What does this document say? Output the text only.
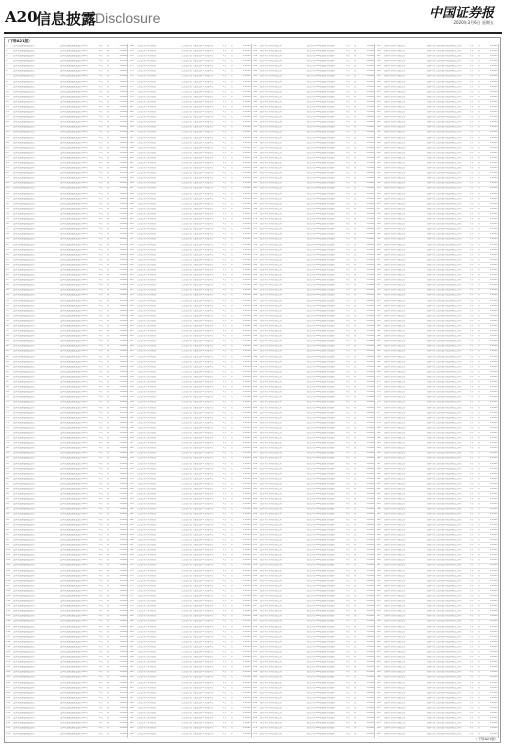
A20
信息披露
Disclosure	中国证券报
2020年3月6日 星期五
（下转A21版）
1	富国天惠精选成长混合	富国天惠精选成长混合(LOF)	A类	份	1.0000
2	富国天惠精选成长混合	富国天惠精选成长混合(LOF)	A类	份	1.0000
3	富国天惠精选成长混合	富国天惠精选成长混合(LOF)	A类	份	1.0000
4	富国天惠精选成长混合	富国天惠精选成长混合(LOF)	A类	份	1.0000
5	富国天惠精选成长混合	富国天惠精选成长混合(LOF)	A类	份	1.0000
6	富国天惠精选成长混合	富国天惠精选成长混合(LOF)	A类	份	1.0000
7	富国天惠精选成长混合	富国天惠精选成长混合(LOF)	A类	份	1.0000
8	富国天惠精选成长混合	富国天惠精选成长混合(LOF)	A类	份	1.0000
9	富国天惠精选成长混合	富国天惠精选成长混合(LOF)	A类	份	1.0000
10	富国天惠精选成长混合	富国天惠精选成长混合(LOF)	A类	份	1.0000
11	富国天惠精选成长混合	富国天惠精选成长混合(LOF)	A类	份	1.0000
12	富国天惠精选成长混合	富国天惠精选成长混合(LOF)	A类	份	1.0000
13	富国天惠精选成长混合	富国天惠精选成长混合(LOF)	A类	份	1.0000
14	富国天惠精选成长混合	富国天惠精选成长混合(LOF)	A类	份	1.0000
15	富国天惠精选成长混合	富国天惠精选成长混合(LOF)	A类	份	1.0000
16	富国天惠精选成长混合	富国天惠精选成长混合(LOF)	A类	份	1.0000
17	富国天惠精选成长混合	富国天惠精选成长混合(LOF)	A类	份	1.0000
18	富国天惠精选成长混合	富国天惠精选成长混合(LOF)	A类	份	1.0000
19	富国天惠精选成长混合	富国天惠精选成长混合(LOF)	A类	份	1.0000
20	富国天惠精选成长混合	富国天惠精选成长混合(LOF)	A类	份	1.0000
21	富国天惠精选成长混合	富国天惠精选成长混合(LOF)	A类	份	1.0000
22	富国天惠精选成长混合	富国天惠精选成长混合(LOF)	A类	份	1.0000
23	富国天惠精选成长混合	富国天惠精选成长混合(LOF)	A类	份	1.0000
24	富国天惠精选成长混合	富国天惠精选成长混合(LOF)	A类	份	1.0000
25	富国天惠精选成长混合	富国天惠精选成长混合(LOF)	A类	份	1.0000
26	富国天惠精选成长混合	富国天惠精选成长混合(LOF)	A类	份	1.0000
27	富国天惠精选成长混合	富国天惠精选成长混合(LOF)	A类	份	1.0000
28	富国天惠精选成长混合	富国天惠精选成长混合(LOF)	A类	份	1.0000
29	富国天惠精选成长混合	富国天惠精选成长混合(LOF)	A类	份	1.0000
30	富国天惠精选成长混合	富国天惠精选成长混合(LOF)	A类	份	1.0000
31	富国天惠精选成长混合	富国天惠精选成长混合(LOF)	A类	份	1.0000
32	富国天惠精选成长混合	富国天惠精选成长混合(LOF)	A类	份	1.0000
33	富国天惠精选成长混合	富国天惠精选成长混合(LOF)	A类	份	1.0000
34	富国天惠精选成长混合	富国天惠精选成长混合(LOF)	A类	份	1.0000
35	富国天惠精选成长混合	富国天惠精选成长混合(LOF)	A类	份	1.0000
36	富国天惠精选成长混合	富国天惠精选成长混合(LOF)	A类	份	1.0000
37	富国天惠精选成长混合	富国天惠精选成长混合(LOF)	A类	份	1.0000
38	富国天惠精选成长混合	富国天惠精选成长混合(LOF)	A类	份	1.0000
39	富国天惠精选成长混合	富国天惠精选成长混合(LOF)	A类	份	1.0000
40	富国天惠精选成长混合	富国天惠精选成长混合(LOF)	A类	份	1.0000
41	富国天惠精选成长混合	富国天惠精选成长混合(LOF)	A类	份	1.0000
42	富国天惠精选成长混合	富国天惠精选成长混合(LOF)	A类	份	1.0000
43	富国天惠精选成长混合	富国天惠精选成长混合(LOF)	A类	份	1.0000
44	富国天惠精选成长混合	富国天惠精选成长混合(LOF)	A类	份	1.0000
45	富国天惠精选成长混合	富国天惠精选成长混合(LOF)	A类	份	1.0000
46	富国天惠精选成长混合	富国天惠精选成长混合(LOF)	A类	份	1.0000
47	富国天惠精选成长混合	富国天惠精选成长混合(LOF)	A类	份	1.0000
48	富国天惠精选成长混合	富国天惠精选成长混合(LOF)	A类	份	1.0000
49	富国天惠精选成长混合	富国天惠精选成长混合(LOF)	A类	份	1.0000
50	富国天惠精选成长混合	富国天惠精选成长混合(LOF)	A类	份	1.0000
51	富国天惠精选成长混合	富国天惠精选成长混合(LOF)	A类	份	1.0000
52	富国天惠精选成长混合	富国天惠精选成长混合(LOF)	A类	份	1.0000
53	富国天惠精选成长混合	富国天惠精选成长混合(LOF)	A类	份	1.0000
54	富国天惠精选成长混合	富国天惠精选成长混合(LOF)	A类	份	1.0000
55	富国天惠精选成长混合	富国天惠精选成长混合(LOF)	A类	份	1.0000
56	富国天惠精选成长混合	富国天惠精选成长混合(LOF)	A类	份	1.0000
57	富国天惠精选成长混合	富国天惠精选成长混合(LOF)	A类	份	1.0000
58	富国天惠精选成长混合	富国天惠精选成长混合(LOF)	A类	份	1.0000
59	富国天惠精选成长混合	富国天惠精选成长混合(LOF)	A类	份	1.0000
60	富国天惠精选成长混合	富国天惠精选成长混合(LOF)	A类	份	1.0000
61	富国天惠精选成长混合	富国天惠精选成长混合(LOF)	A类	份	1.0000
62	富国天惠精选成长混合	富国天惠精选成长混合(LOF)	A类	份	1.0000
63	富国天惠精选成长混合	富国天惠精选成长混合(LOF)	A类	份	1.0000
64	富国天惠精选成长混合	富国天惠精选成长混合(LOF)	A类	份	1.0000
65	富国天惠精选成长混合	富国天惠精选成长混合(LOF)	A类	份	1.0000
66	富国天惠精选成长混合	富国天惠精选成长混合(LOF)	A类	份	1.0000
67	富国天惠精选成长混合	富国天惠精选成长混合(LOF)	A类	份	1.0000
68	富国天惠精选成长混合	富国天惠精选成长混合(LOF)	A类	份	1.0000
69	富国天惠精选成长混合	富国天惠精选成长混合(LOF)	A类	份	1.0000
70	富国天惠精选成长混合	富国天惠精选成长混合(LOF)	A类	份	1.0000
71	富国天惠精选成长混合	富国天惠精选成长混合(LOF)	A类	份	1.0000
72	富国天惠精选成长混合	富国天惠精选成长混合(LOF)	A类	份	1.0000
73	富国天惠精选成长混合	富国天惠精选成长混合(LOF)	A类	份	1.0000
74	富国天惠精选成长混合	富国天惠精选成长混合(LOF)	A类	份	1.0000
75	富国天惠精选成长混合	富国天惠精选成长混合(LOF)	A类	份	1.0000
76	富国天惠精选成长混合	富国天惠精选成长混合(LOF)	A类	份	1.0000
77	富国天惠精选成长混合	富国天惠精选成长混合(LOF)	A类	份	1.0000
78	富国天惠精选成长混合	富国天惠精选成长混合(LOF)	A类	份	1.0000
79	富国天惠精选成长混合	富国天惠精选成长混合(LOF)	A类	份	1.0000
80	富国天惠精选成长混合	富国天惠精选成长混合(LOF)	A类	份	1.0000
81	富国天惠精选成长混合	富国天惠精选成长混合(LOF)	A类	份	1.0000
82	富国天惠精选成长混合	富国天惠精选成长混合(LOF)	A类	份	1.0000
83	富国天惠精选成长混合	富国天惠精选成长混合(LOF)	A类	份	1.0000
84	富国天惠精选成长混合	富国天惠精选成长混合(LOF)	A类	份	1.0000
85	富国天惠精选成长混合	富国天惠精选成长混合(LOF)	A类	份	1.0000
86	富国天惠精选成长混合	富国天惠精选成长混合(LOF)	A类	份	1.0000
87	富国天惠精选成长混合	富国天惠精选成长混合(LOF)	A类	份	1.0000
88	富国天惠精选成长混合	富国天惠精选成长混合(LOF)	A类	份	1.0000
89	富国天惠精选成长混合	富国天惠精选成长混合(LOF)	A类	份	1.0000
90	富国天惠精选成长混合	富国天惠精选成长混合(LOF)	A类	份	1.0000
91	富国天惠精选成长混合	富国天惠精选成长混合(LOF)	A类	份	1.0000
92	富国天惠精选成长混合	富国天惠精选成长混合(LOF)	A类	份	1.0000
93	富国天惠精选成长混合	富国天惠精选成长混合(LOF)	A类	份	1.0000
94	富国天惠精选成长混合	富国天惠精选成长混合(LOF)	A类	份	1.0000
95	富国天惠精选成长混合	富国天惠精选成长混合(LOF)	A类	份	1.0000
96	富国天惠精选成长混合	富国天惠精选成长混合(LOF)	A类	份	1.0000
97	富国天惠精选成长混合	富国天惠精选成长混合(LOF)	A类	份	1.0000
98	富国天惠精选成长混合	富国天惠精选成长混合(LOF)	A类	份	1.0000
99	富国天惠精选成长混合	富国天惠精选成长混合(LOF)	A类	份	1.0000
100	富国天惠精选成长混合	富国天惠精选成长混合(LOF)	A类	份	1.0000
101	富国天惠精选成长混合	富国天惠精选成长混合(LOF)	A类	份	1.0000
102	富国天惠精选成长混合	富国天惠精选成长混合(LOF)	A类	份	1.0000
103	富国天惠精选成长混合	富国天惠精选成长混合(LOF)	A类	份	1.0000
104	富国天惠精选成长混合	富国天惠精选成长混合(LOF)	A类	份	1.0000
105	富国天惠精选成长混合	富国天惠精选成长混合(LOF)	A类	份	1.0000
106	富国天惠精选成长混合	富国天惠精选成长混合(LOF)	A类	份	1.0000
107	富国天惠精选成长混合	富国天惠精选成长混合(LOF)	A类	份	1.0000
108	富国天惠精选成长混合	富国天惠精选成长混合(LOF)	A类	份	1.0000
109	富国天惠精选成长混合	富国天惠精选成长混合(LOF)	A类	份	1.0000
110	富国天惠精选成长混合	富国天惠精选成长混合(LOF)	A类	份	1.0000
111	富国天惠精选成长混合	富国天惠精选成长混合(LOF)	A类	份	1.0000
112	富国天惠精选成长混合	富国天惠精选成长混合(LOF)	A类	份	1.0000
113	富国天惠精选成长混合	富国天惠精选成长混合(LOF)	A类	份	1.0000
114	富国天惠精选成长混合	富国天惠精选成长混合(LOF)	A类	份	1.0000
115	富国天惠精选成长混合	富国天惠精选成长混合(LOF)	A类	份	1.0000
116	富国天惠精选成长混合	富国天惠精选成长混合(LOF)	A类	份	1.0000
117	富国天惠精选成长混合	富国天惠精选成长混合(LOF)	A类	份	1.0000
118	富国天惠精选成长混合	富国天惠精选成长混合(LOF)	A类	份	1.0000
119	富国天惠精选成长混合	富国天惠精选成长混合(LOF)	A类	份	1.0000
120	富国天惠精选成长混合	富国天惠精选成长混合(LOF)	A类	份	1.0000
121	富国天惠精选成长混合	富国天惠精选成长混合(LOF)	A类	份	1.0000
122	富国天惠精选成长混合	富国天惠精选成长混合(LOF)	A类	份	1.0000
123	富国天惠精选成长混合	富国天惠精选成长混合(LOF)	A类	份	1.0000
124	富国天惠精选成长混合	富国天惠精选成长混合(LOF)	A类	份	1.0000
125	富国天惠精选成长混合	富国天惠精选成长混合(LOF)	A类	份	1.0000
126	富国天惠精选成长混合	富国天惠精选成长混合(LOF)	A类	份	1.0000
127	富国天惠精选成长混合	富国天惠精选成长混合(LOF)	A类	份	1.0000
128	富国天惠精选成长混合	富国天惠精选成长混合(LOF)	A类	份	1.0000
129	富国天惠精选成长混合	富国天惠精选成长混合(LOF)	A类	份	1.0000
130	富国天惠精选成长混合	富国天惠精选成长混合(LOF)	A类	份	1.0000
131	富国天惠精选成长混合	富国天惠精选成长混合(LOF)	A类	份	1.0000
132	富国天惠精选成长混合	富国天惠精选成长混合(LOF)	A类	份	1.0000
133	富国天惠精选成长混合	富国天惠精选成长混合(LOF)	A类	份	1.0000
134	富国天惠精选成长混合	富国天惠精选成长混合(LOF)	A类	份	1.0000
135	富国天惠精选成长混合	富国天惠精选成长混合(LOF)	A类	份	1.0000
136	富国天惠精选成长混合	富国天惠精选成长混合(LOF)	A类	份	1.0000
169	汇添富基金管理股份	汇添富中证主要消费ETF联接基金	A类	份	1.0000
170	汇添富基金管理股份	汇添富中证主要消费ETF联接基金	A类	份	1.0000
171	汇添富基金管理股份	汇添富中证主要消费ETF联接基金	A类	份	1.0000
172	汇添富基金管理股份	汇添富中证主要消费ETF联接基金	A类	份	1.0000
173	汇添富基金管理股份	汇添富中证主要消费ETF联接基金	A类	份	1.0000
174	汇添富基金管理股份	汇添富中证主要消费ETF联接基金	A类	份	1.0000
175	汇添富基金管理股份	汇添富中证主要消费ETF联接基金	A类	份	1.0000
176	汇添富基金管理股份	汇添富中证主要消费ETF联接基金	A类	份	1.0000
177	汇添富基金管理股份	汇添富中证主要消费ETF联接基金	A类	份	1.0000
178	汇添富基金管理股份	汇添富中证主要消费ETF联接基金	A类	份	1.0000
179	汇添富基金管理股份	汇添富中证主要消费ETF联接基金	A类	份	1.0000
180	汇添富基金管理股份	汇添富中证主要消费ETF联接基金	A类	份	1.0000
181	汇添富基金管理股份	汇添富中证主要消费ETF联接基金	A类	份	1.0000
182	汇添富基金管理股份	汇添富中证主要消费ETF联接基金	A类	份	1.0000
183	汇添富基金管理股份	汇添富中证主要消费ETF联接基金	A类	份	1.0000
184	汇添富基金管理股份	汇添富中证主要消费ETF联接基金	A类	份	1.0000
185	汇添富基金管理股份	汇添富中证主要消费ETF联接基金	A类	份	1.0000
186	汇添富基金管理股份	汇添富中证主要消费ETF联接基金	A类	份	1.0000
187	汇添富基金管理股份	汇添富中证主要消费ETF联接基金	A类	份	1.0000
188	汇添富基金管理股份	汇添富中证主要消费ETF联接基金	A类	份	1.0000
189	汇添富基金管理股份	汇添富中证主要消费ETF联接基金	A类	份	1.0000
190	汇添富基金管理股份	汇添富中证主要消费ETF联接基金	A类	份	1.0000
191	汇添富基金管理股份	汇添富中证主要消费ETF联接基金	A类	份	1.0000
192	汇添富基金管理股份	汇添富中证主要消费ETF联接基金	A类	份	1.0000
193	汇添富基金管理股份	汇添富中证主要消费ETF联接基金	A类	份	1.0000
194	汇添富基金管理股份	汇添富中证主要消费ETF联接基金	A类	份	1.0000
195	汇添富基金管理股份	汇添富中证主要消费ETF联接基金	A类	份	1.0000
196	汇添富基金管理股份	汇添富中证主要消费ETF联接基金	A类	份	1.0000
197	汇添富基金管理股份	汇添富中证主要消费ETF联接基金	A类	份	1.0000
198	汇添富基金管理股份	汇添富中证主要消费ETF联接基金	A类	份	1.0000
199	汇添富基金管理股份	汇添富中证主要消费ETF联接基金	A类	份	1.0000
200	汇添富基金管理股份	汇添富中证主要消费ETF联接基金	A类	份	1.0000
201	汇添富基金管理股份	汇添富中证主要消费ETF联接基金	A类	份	1.0000
202	汇添富基金管理股份	汇添富中证主要消费ETF联接基金	A类	份	1.0000
203	汇添富基金管理股份	汇添富中证主要消费ETF联接基金	A类	份	1.0000
204	汇添富基金管理股份	汇添富中证主要消费ETF联接基金	A类	份	1.0000
205	汇添富基金管理股份	汇添富中证主要消费ETF联接基金	A类	份	1.0000
206	汇添富基金管理股份	汇添富中证主要消费ETF联接基金	A类	份	1.0000
207	汇添富基金管理股份	汇添富中证主要消费ETF联接基金	A类	份	1.0000
208	汇添富基金管理股份	汇添富中证主要消费ETF联接基金	A类	份	1.0000
209	汇添富基金管理股份	汇添富中证主要消费ETF联接基金	A类	份	1.0000
210	汇添富基金管理股份	汇添富中证主要消费ETF联接基金	A类	份	1.0000
211	汇添富基金管理股份	汇添富中证主要消费ETF联接基金	A类	份	1.0000
212	汇添富基金管理股份	汇添富中证主要消费ETF联接基金	A类	份	1.0000
213	汇添富基金管理股份	汇添富中证主要消费ETF联接基金	A类	份	1.0000
214	汇添富基金管理股份	汇添富中证主要消费ETF联接基金	A类	份	1.0000
215	汇添富基金管理股份	汇添富中证主要消费ETF联接基金	A类	份	1.0000
216	汇添富基金管理股份	汇添富中证主要消费ETF联接基金	A类	份	1.0000
217	汇添富基金管理股份	汇添富中证主要消费ETF联接基金	A类	份	1.0000
218	汇添富基金管理股份	汇添富中证主要消费ETF联接基金	A类	份	1.0000
219	汇添富基金管理股份	汇添富中证主要消费ETF联接基金	A类	份	1.0000
220	汇添富基金管理股份	汇添富中证主要消费ETF联接基金	A类	份	1.0000
221	汇添富基金管理股份	汇添富中证主要消费ETF联接基金	A类	份	1.0000
222	汇添富基金管理股份	汇添富中证主要消费ETF联接基金	A类	份	1.0000
223	汇添富基金管理股份	汇添富中证主要消费ETF联接基金	A类	份	1.0000
224	汇添富基金管理股份	汇添富中证主要消费ETF联接基金	A类	份	1.0000
225	汇添富基金管理股份	汇添富中证主要消费ETF联接基金	A类	份	1.0000
226	汇添富基金管理股份	汇添富中证主要消费ETF联接基金	A类	份	1.0000
227	汇添富基金管理股份	汇添富中证主要消费ETF联接基金	A类	份	1.0000
228	汇添富基金管理股份	汇添富中证主要消费ETF联接基金	A类	份	1.0000
229	汇添富基金管理股份	汇添富中证主要消费ETF联接基金	A类	份	1.0000
230	汇添富基金管理股份	汇添富中证主要消费ETF联接基金	A类	份	1.0000
231	汇添富基金管理股份	汇添富中证主要消费ETF联接基金	A类	份	1.0000
232	汇添富基金管理股份	汇添富中证主要消费ETF联接基金	A类	份	1.0000
233	汇添富基金管理股份	汇添富中证主要消费ETF联接基金	A类	份	1.0000
234	汇添富基金管理股份	汇添富中证主要消费ETF联接基金	A类	份	1.0000
235	汇添富基金管理股份	汇添富中证主要消费ETF联接基金	A类	份	1.0000
236	汇添富基金管理股份	汇添富中证主要消费ETF联接基金	A类	份	1.0000
237	汇添富基金管理股份	汇添富中证主要消费ETF联接基金	A类	份	1.0000
238	汇添富基金管理股份	汇添富中证主要消费ETF联接基金	A类	份	1.0000
239	汇添富基金管理股份	汇添富中证主要消费ETF联接基金	A类	份	1.0000
240	汇添富基金管理股份	汇添富中证主要消费ETF联接基金	A类	份	1.0000
241	汇添富基金管理股份	汇添富中证主要消费ETF联接基金	A类	份	1.0000
242	汇添富基金管理股份	汇添富中证主要消费ETF联接基金	A类	份	1.0000
243	汇添富基金管理股份	汇添富中证主要消费ETF联接基金	A类	份	1.0000
244	汇添富基金管理股份	汇添富中证主要消费ETF联接基金	A类	份	1.0000
245	汇添富基金管理股份	汇添富中证主要消费ETF联接基金	A类	份	1.0000
246	汇添富基金管理股份	汇添富中证主要消费ETF联接基金	A类	份	1.0000
247	汇添富基金管理股份	汇添富中证主要消费ETF联接基金	A类	份	1.0000
248	汇添富基金管理股份	汇添富中证主要消费ETF联接基金	A类	份	1.0000
249	汇添富基金管理股份	汇添富中证主要消费ETF联接基金	A类	份	1.0000
250	汇添富基金管理股份	汇添富中证主要消费ETF联接基金	A类	份	1.0000
251	汇添富基金管理股份	汇添富中证主要消费ETF联接基金	A类	份	1.0000
252	汇添富基金管理股份	汇添富中证主要消费ETF联接基金	A类	份	1.0000
253	汇添富基金管理股份	汇添富中证主要消费ETF联接基金	A类	份	1.0000
254	汇添富基金管理股份	汇添富中证主要消费ETF联接基金	A类	份	1.0000
255	汇添富基金管理股份	汇添富中证主要消费ETF联接基金	A类	份	1.0000
256	汇添富基金管理股份	汇添富中证主要消费ETF联接基金	A类	份	1.0000
257	汇添富基金管理股份	汇添富中证主要消费ETF联接基金	A类	份	1.0000
258	汇添富基金管理股份	汇添富中证主要消费ETF联接基金	A类	份	1.0000
259	汇添富基金管理股份	汇添富中证主要消费ETF联接基金	A类	份	1.0000
260	汇添富基金管理股份	汇添富中证主要消费ETF联接基金	A类	份	1.0000
261	汇添富基金管理股份	汇添富中证主要消费ETF联接基金	A类	份	1.0000
262	汇添富基金管理股份	汇添富中证主要消费ETF联接基金	A类	份	1.0000
263	汇添富基金管理股份	汇添富中证主要消费ETF联接基金	A类	份	1.0000
264	汇添富基金管理股份	汇添富中证主要消费ETF联接基金	A类	份	1.0000
265	汇添富基金管理股份	汇添富中证主要消费ETF联接基金	A类	份	1.0000
266	汇添富基金管理股份	汇添富中证主要消费ETF联接基金	A类	份	1.0000
267	汇添富基金管理股份	汇添富中证主要消费ETF联接基金	A类	份	1.0000
268	汇添富基金管理股份	汇添富中证主要消费ETF联接基金	A类	份	1.0000
269	汇添富基金管理股份	汇添富中证主要消费ETF联接基金	A类	份	1.0000
270	汇添富基金管理股份	汇添富中证主要消费ETF联接基金	A类	份	1.0000
271	汇添富基金管理股份	汇添富中证主要消费ETF联接基金	A类	份	1.0000
272	汇添富基金管理股份	汇添富中证主要消费ETF联接基金	A类	份	1.0000
273	汇添富基金管理股份	汇添富中证主要消费ETF联接基金	A类	份	1.0000
274	汇添富基金管理股份	汇添富中证主要消费ETF联接基金	A类	份	1.0000
275	汇添富基金管理股份	汇添富中证主要消费ETF联接基金	A类	份	1.0000
276	汇添富基金管理股份	汇添富中证主要消费ETF联接基金	A类	份	1.0000
277	汇添富基金管理股份	汇添富中证主要消费ETF联接基金	A类	份	1.0000
278	汇添富基金管理股份	汇添富中证主要消费ETF联接基金	A类	份	1.0000
279	汇添富基金管理股份	汇添富中证主要消费ETF联接基金	A类	份	1.0000
280	汇添富基金管理股份	汇添富中证主要消费ETF联接基金	A类	份	1.0000
281	汇添富基金管理股份	汇添富中证主要消费ETF联接基金	A类	份	1.0000
282	汇添富基金管理股份	汇添富中证主要消费ETF联接基金	A类	份	1.0000
283	汇添富基金管理股份	汇添富中证主要消费ETF联接基金	A类	份	1.0000
284	汇添富基金管理股份	汇添富中证主要消费ETF联接基金	A类	份	1.0000
285	汇添富基金管理股份	汇添富中证主要消费ETF联接基金	A类	份	1.0000
286	汇添富基金管理股份	汇添富中证主要消费ETF联接基金	A类	份	1.0000
287	汇添富基金管理股份	汇添富中证主要消费ETF联接基金	A类	份	1.0000
288	汇添富基金管理股份	汇添富中证主要消费ETF联接基金	A类	份	1.0000
289	汇添富基金管理股份	汇添富中证主要消费ETF联接基金	A类	份	1.0000
290	汇添富基金管理股份	汇添富中证主要消费ETF联接基金	A类	份	1.0000
291	汇添富基金管理股份	汇添富中证主要消费ETF联接基金	A类	份	1.0000
292	汇添富基金管理股份	汇添富中证主要消费ETF联接基金	A类	份	1.0000
293	汇添富基金管理股份	汇添富中证主要消费ETF联接基金	A类	份	1.0000
294	汇添富基金管理股份	汇添富中证主要消费ETF联接基金	A类	份	1.0000
295	汇添富基金管理股份	汇添富中证主要消费ETF联接基金	A类	份	1.0000
296	汇添富基金管理股份	汇添富中证主要消费ETF联接基金	A类	份	1.0000
297	汇添富基金管理股份	汇添富中证主要消费ETF联接基金	A类	份	1.0000
298	汇添富基金管理股份	汇添富中证主要消费ETF联接基金	A类	份	1.0000
299	汇添富基金管理股份	汇添富中证主要消费ETF联接基金	A类	份	1.0000
300	汇添富基金管理股份	汇添富中证主要消费ETF联接基金	A类	份	1.0000
301	汇添富基金管理股份	汇添富中证主要消费ETF联接基金	A类	份	1.0000
302	汇添富基金管理股份	汇添富中证主要消费ETF联接基金	A类	份	1.0000
303	汇添富基金管理股份	汇添富中证主要消费ETF联接基金	A类	份	1.0000
304	汇添富基金管理股份	汇添富中证主要消费ETF联接基金	A类	份	1.0000
337	嘉实基金管理有限公司	嘉实沪深300指数研究增强型	C类	份	1.0000
338	嘉实基金管理有限公司	嘉实沪深300指数研究增强型	C类	份	1.0000
339	嘉实基金管理有限公司	嘉实沪深300指数研究增强型	C类	份	1.0000
340	嘉实基金管理有限公司	嘉实沪深300指数研究增强型	C类	份	1.0000
341	嘉实基金管理有限公司	嘉实沪深300指数研究增强型	C类	份	1.0000
342	嘉实基金管理有限公司	嘉实沪深300指数研究增强型	C类	份	1.0000
343	嘉实基金管理有限公司	嘉实沪深300指数研究增强型	C类	份	1.0000
344	嘉实基金管理有限公司	嘉实沪深300指数研究增强型	C类	份	1.0000
345	嘉实基金管理有限公司	嘉实沪深300指数研究增强型	C类	份	1.0000
346	嘉实基金管理有限公司	嘉实沪深300指数研究增强型	C类	份	1.0000
347	嘉实基金管理有限公司	嘉实沪深300指数研究增强型	C类	份	1.0000
348	嘉实基金管理有限公司	嘉实沪深300指数研究增强型	C类	份	1.0000
349	嘉实基金管理有限公司	嘉实沪深300指数研究增强型	C类	份	1.0000
350	嘉实基金管理有限公司	嘉实沪深300指数研究增强型	C类	份	1.0000
351	嘉实基金管理有限公司	嘉实沪深300指数研究增强型	C类	份	1.0000
352	嘉实基金管理有限公司	嘉实沪深300指数研究增强型	C类	份	1.0000
353	嘉实基金管理有限公司	嘉实沪深300指数研究增强型	C类	份	1.0000
354	嘉实基金管理有限公司	嘉实沪深300指数研究增强型	C类	份	1.0000
355	嘉实基金管理有限公司	嘉实沪深300指数研究增强型	C类	份	1.0000
356	嘉实基金管理有限公司	嘉实沪深300指数研究增强型	C类	份	1.0000
357	嘉实基金管理有限公司	嘉实沪深300指数研究增强型	C类	份	1.0000
358	嘉实基金管理有限公司	嘉实沪深300指数研究增强型	C类	份	1.0000
359	嘉实基金管理有限公司	嘉实沪深300指数研究增强型	C类	份	1.0000
360	嘉实基金管理有限公司	嘉实沪深300指数研究增强型	C类	份	1.0000
361	嘉实基金管理有限公司	嘉实沪深300指数研究增强型	C类	份	1.0000
362	嘉实基金管理有限公司	嘉实沪深300指数研究增强型	C类	份	1.0000
363	嘉实基金管理有限公司	嘉实沪深300指数研究增强型	C类	份	1.0000
364	嘉实基金管理有限公司	嘉实沪深300指数研究增强型	C类	份	1.0000
365	嘉实基金管理有限公司	嘉实沪深300指数研究增强型	C类	份	1.0000
366	嘉实基金管理有限公司	嘉实沪深300指数研究增强型	C类	份	1.0000
367	嘉实基金管理有限公司	嘉实沪深300指数研究增强型	C类	份	1.0000
368	嘉实基金管理有限公司	嘉实沪深300指数研究增强型	C类	份	1.0000
369	嘉实基金管理有限公司	嘉实沪深300指数研究增强型	C类	份	1.0000
370	嘉实基金管理有限公司	嘉实沪深300指数研究增强型	C类	份	1.0000
371	嘉实基金管理有限公司	嘉实沪深300指数研究增强型	C类	份	1.0000
372	嘉实基金管理有限公司	嘉实沪深300指数研究增强型	C类	份	1.0000
373	嘉实基金管理有限公司	嘉实沪深300指数研究增强型	C类	份	1.0000
374	嘉实基金管理有限公司	嘉实沪深300指数研究增强型	C类	份	1.0000
375	嘉实基金管理有限公司	嘉实沪深300指数研究增强型	C类	份	1.0000
376	嘉实基金管理有限公司	嘉实沪深300指数研究增强型	C类	份	1.0000
377	嘉实基金管理有限公司	嘉实沪深300指数研究增强型	C类	份	1.0000
378	嘉实基金管理有限公司	嘉实沪深300指数研究增强型	C类	份	1.0000
379	嘉实基金管理有限公司	嘉实沪深300指数研究增强型	C类	份	1.0000
380	嘉实基金管理有限公司	嘉实沪深300指数研究增强型	C类	份	1.0000
381	嘉实基金管理有限公司	嘉实沪深300指数研究增强型	C类	份	1.0000
382	嘉实基金管理有限公司	嘉实沪深300指数研究增强型	C类	份	1.0000
383	嘉实基金管理有限公司	嘉实沪深300指数研究增强型	C类	份	1.0000
384	嘉实基金管理有限公司	嘉实沪深300指数研究增强型	C类	份	1.0000
385	嘉实基金管理有限公司	嘉实沪深300指数研究增强型	C类	份	1.0000
386	嘉实基金管理有限公司	嘉实沪深300指数研究增强型	C类	份	1.0000
387	嘉实基金管理有限公司	嘉实沪深300指数研究增强型	C类	份	1.0000
388	嘉实基金管理有限公司	嘉实沪深300指数研究增强型	C类	份	1.0000
389	嘉实基金管理有限公司	嘉实沪深300指数研究增强型	C类	份	1.0000
390	嘉实基金管理有限公司	嘉实沪深300指数研究增强型	C类	份	1.0000
391	嘉实基金管理有限公司	嘉实沪深300指数研究增强型	C类	份	1.0000
392	嘉实基金管理有限公司	嘉实沪深300指数研究增强型	C类	份	1.0000
393	嘉实基金管理有限公司	嘉实沪深300指数研究增强型	C类	份	1.0000
394	嘉实基金管理有限公司	嘉实沪深300指数研究增强型	C类	份	1.0000
395	嘉实基金管理有限公司	嘉实沪深300指数研究增强型	C类	份	1.0000
396	嘉实基金管理有限公司	嘉实沪深300指数研究增强型	C类	份	1.0000
397	嘉实基金管理有限公司	嘉实沪深300指数研究增强型	C类	份	1.0000
398	嘉实基金管理有限公司	嘉实沪深300指数研究增强型	C类	份	1.0000
399	嘉实基金管理有限公司	嘉实沪深300指数研究增强型	C类	份	1.0000
400	嘉实基金管理有限公司	嘉实沪深300指数研究增强型	C类	份	1.0000
401	嘉实基金管理有限公司	嘉实沪深300指数研究增强型	C类	份	1.0000
402	嘉实基金管理有限公司	嘉实沪深300指数研究增强型	C类	份	1.0000
403	嘉实基金管理有限公司	嘉实沪深300指数研究增强型	C类	份	1.0000
404	嘉实基金管理有限公司	嘉实沪深300指数研究增强型	C类	份	1.0000
405	嘉实基金管理有限公司	嘉实沪深300指数研究增强型	C类	份	1.0000
406	嘉实基金管理有限公司	嘉实沪深300指数研究增强型	C类	份	1.0000
407	嘉实基金管理有限公司	嘉实沪深300指数研究增强型	C类	份	1.0000
408	嘉实基金管理有限公司	嘉实沪深300指数研究增强型	C类	份	1.0000
409	嘉实基金管理有限公司	嘉实沪深300指数研究增强型	C类	份	1.0000
410	嘉实基金管理有限公司	嘉实沪深300指数研究增强型	C类	份	1.0000
411	嘉实基金管理有限公司	嘉实沪深300指数研究增强型	C类	份	1.0000
412	嘉实基金管理有限公司	嘉实沪深300指数研究增强型	C类	份	1.0000
413	嘉实基金管理有限公司	嘉实沪深300指数研究增强型	C类	份	1.0000
414	嘉实基金管理有限公司	嘉实沪深300指数研究增强型	C类	份	1.0000
415	嘉实基金管理有限公司	嘉实沪深300指数研究增强型	C类	份	1.0000
416	嘉实基金管理有限公司	嘉实沪深300指数研究增强型	C类	份	1.0000
417	嘉实基金管理有限公司	嘉实沪深300指数研究增强型	C类	份	1.0000
418	嘉实基金管理有限公司	嘉实沪深300指数研究增强型	C类	份	1.0000
419	嘉实基金管理有限公司	嘉实沪深300指数研究增强型	C类	份	1.0000
420	嘉实基金管理有限公司	嘉实沪深300指数研究增强型	C类	份	1.0000
421	嘉实基金管理有限公司	嘉实沪深300指数研究增强型	C类	份	1.0000
422	嘉实基金管理有限公司	嘉实沪深300指数研究增强型	C类	份	1.0000
423	嘉实基金管理有限公司	嘉实沪深300指数研究增强型	C类	份	1.0000
424	嘉实基金管理有限公司	嘉实沪深300指数研究增强型	C类	份	1.0000
425	嘉实基金管理有限公司	嘉实沪深300指数研究增强型	C类	份	1.0000
426	嘉实基金管理有限公司	嘉实沪深300指数研究增强型	C类	份	1.0000
427	嘉实基金管理有限公司	嘉实沪深300指数研究增强型	C类	份	1.0000
428	嘉实基金管理有限公司	嘉实沪深300指数研究增强型	C类	份	1.0000
429	嘉实基金管理有限公司	嘉实沪深300指数研究增强型	C类	份	1.0000
430	嘉实基金管理有限公司	嘉实沪深300指数研究增强型	C类	份	1.0000
431	嘉实基金管理有限公司	嘉实沪深300指数研究增强型	C类	份	1.0000
432	嘉实基金管理有限公司	嘉实沪深300指数研究增强型	C类	份	1.0000
433	嘉实基金管理有限公司	嘉实沪深300指数研究增强型	C类	份	1.0000
434	嘉实基金管理有限公司	嘉实沪深300指数研究增强型	C类	份	1.0000
435	嘉实基金管理有限公司	嘉实沪深300指数研究增强型	C类	份	1.0000
436	嘉实基金管理有限公司	嘉实沪深300指数研究增强型	C类	份	1.0000
437	嘉实基金管理有限公司	嘉实沪深300指数研究增强型	C类	份	1.0000
438	嘉实基金管理有限公司	嘉实沪深300指数研究增强型	C类	份	1.0000
439	嘉实基金管理有限公司	嘉实沪深300指数研究增强型	C类	份	1.0000
440	嘉实基金管理有限公司	嘉实沪深300指数研究增强型	C类	份	1.0000
441	嘉实基金管理有限公司	嘉实沪深300指数研究增强型	C类	份	1.0000
442	嘉实基金管理有限公司	嘉实沪深300指数研究增强型	C类	份	1.0000
443	嘉实基金管理有限公司	嘉实沪深300指数研究增强型	C类	份	1.0000
444	嘉实基金管理有限公司	嘉实沪深300指数研究增强型	C类	份	1.0000
445	嘉实基金管理有限公司	嘉实沪深300指数研究增强型	C类	份	1.0000
446	嘉实基金管理有限公司	嘉实沪深300指数研究增强型	C类	份	1.0000
447	嘉实基金管理有限公司	嘉实沪深300指数研究增强型	C类	份	1.0000
448	嘉实基金管理有限公司	嘉实沪深300指数研究增强型	C类	份	1.0000
449	嘉实基金管理有限公司	嘉实沪深300指数研究增强型	C类	份	1.0000
450	嘉实基金管理有限公司	嘉实沪深300指数研究增强型	C类	份	1.0000
451	嘉实基金管理有限公司	嘉实沪深300指数研究增强型	C类	份	1.0000
452	嘉实基金管理有限公司	嘉实沪深300指数研究增强型	C类	份	1.0000
453	嘉实基金管理有限公司	嘉实沪深300指数研究增强型	C类	份	1.0000
454	嘉实基金管理有限公司	嘉实沪深300指数研究增强型	C类	份	1.0000
455	嘉实基金管理有限公司	嘉实沪深300指数研究增强型	C类	份	1.0000
456	嘉实基金管理有限公司	嘉实沪深300指数研究增强型	C类	份	1.0000
457	嘉实基金管理有限公司	嘉实沪深300指数研究增强型	C类	份	1.0000
458	嘉实基金管理有限公司	嘉实沪深300指数研究增强型	C类	份	1.0000
459	嘉实基金管理有限公司	嘉实沪深300指数研究增强型	C类	份	1.0000
460	嘉实基金管理有限公司	嘉实沪深300指数研究增强型	C类	份	1.0000
461	嘉实基金管理有限公司	嘉实沪深300指数研究增强型	C类	份	1.0000
462	嘉实基金管理有限公司	嘉实沪深300指数研究增强型	C类	份	1.0000
463	嘉实基金管理有限公司	嘉实沪深300指数研究增强型	C类	份	1.0000
464	嘉实基金管理有限公司	嘉实沪深300指数研究增强型	C类	份	1.0000
465	嘉实基金管理有限公司	嘉实沪深300指数研究增强型	C类	份	1.0000
466	嘉实基金管理有限公司	嘉实沪深300指数研究增强型	C类	份	1.0000
467	嘉实基金管理有限公司	嘉实沪深300指数研究增强型	C类	份	1.0000
468	嘉实基金管理有限公司	嘉实沪深300指数研究增强型	C类	份	1.0000
469	嘉实基金管理有限公司	嘉实沪深300指数研究增强型	C类	份	1.0000
470	嘉实基金管理有限公司	嘉实沪深300指数研究增强型	C类	份	1.0000
471	嘉实基金管理有限公司	嘉实沪深300指数研究增强型	C类	份	1.0000
472	嘉实基金管理有限公司	嘉实沪深300指数研究增强型	C类	份	1.0000
505	招商基金管理有限公司	招商中证白酒指数分级证券投资基金	A类	份	1.0000
506	招商基金管理有限公司	招商中证白酒指数分级证券投资基金	A类	份	1.0000
507	招商基金管理有限公司	招商中证白酒指数分级证券投资基金	A类	份	1.0000
508	招商基金管理有限公司	招商中证白酒指数分级证券投资基金	A类	份	1.0000
509	招商基金管理有限公司	招商中证白酒指数分级证券投资基金	A类	份	1.0000
510	招商基金管理有限公司	招商中证白酒指数分级证券投资基金	A类	份	1.0000
511	招商基金管理有限公司	招商中证白酒指数分级证券投资基金	A类	份	1.0000
512	招商基金管理有限公司	招商中证白酒指数分级证券投资基金	A类	份	1.0000
513	招商基金管理有限公司	招商中证白酒指数分级证券投资基金	A类	份	1.0000
514	招商基金管理有限公司	招商中证白酒指数分级证券投资基金	A类	份	1.0000
515	招商基金管理有限公司	招商中证白酒指数分级证券投资基金	A类	份	1.0000
516	招商基金管理有限公司	招商中证白酒指数分级证券投资基金	A类	份	1.0000
517	招商基金管理有限公司	招商中证白酒指数分级证券投资基金	A类	份	1.0000
518	招商基金管理有限公司	招商中证白酒指数分级证券投资基金	A类	份	1.0000
519	招商基金管理有限公司	招商中证白酒指数分级证券投资基金	A类	份	1.0000
520	招商基金管理有限公司	招商中证白酒指数分级证券投资基金	A类	份	1.0000
521	招商基金管理有限公司	招商中证白酒指数分级证券投资基金	A类	份	1.0000
522	招商基金管理有限公司	招商中证白酒指数分级证券投资基金	A类	份	1.0000
523	招商基金管理有限公司	招商中证白酒指数分级证券投资基金	A类	份	1.0000
524	招商基金管理有限公司	招商中证白酒指数分级证券投资基金	A类	份	1.0000
525	招商基金管理有限公司	招商中证白酒指数分级证券投资基金	A类	份	1.0000
526	招商基金管理有限公司	招商中证白酒指数分级证券投资基金	A类	份	1.0000
527	招商基金管理有限公司	招商中证白酒指数分级证券投资基金	A类	份	1.0000
528	招商基金管理有限公司	招商中证白酒指数分级证券投资基金	A类	份	1.0000
529	招商基金管理有限公司	招商中证白酒指数分级证券投资基金	A类	份	1.0000
530	招商基金管理有限公司	招商中证白酒指数分级证券投资基金	A类	份	1.0000
531	招商基金管理有限公司	招商中证白酒指数分级证券投资基金	A类	份	1.0000
532	招商基金管理有限公司	招商中证白酒指数分级证券投资基金	A类	份	1.0000
533	招商基金管理有限公司	招商中证白酒指数分级证券投资基金	A类	份	1.0000
534	招商基金管理有限公司	招商中证白酒指数分级证券投资基金	A类	份	1.0000
535	招商基金管理有限公司	招商中证白酒指数分级证券投资基金	A类	份	1.0000
536	招商基金管理有限公司	招商中证白酒指数分级证券投资基金	A类	份	1.0000
537	招商基金管理有限公司	招商中证白酒指数分级证券投资基金	A类	份	1.0000
538	招商基金管理有限公司	招商中证白酒指数分级证券投资基金	A类	份	1.0000
539	招商基金管理有限公司	招商中证白酒指数分级证券投资基金	A类	份	1.0000
540	招商基金管理有限公司	招商中证白酒指数分级证券投资基金	A类	份	1.0000
541	招商基金管理有限公司	招商中证白酒指数分级证券投资基金	A类	份	1.0000
542	招商基金管理有限公司	招商中证白酒指数分级证券投资基金	A类	份	1.0000
543	招商基金管理有限公司	招商中证白酒指数分级证券投资基金	A类	份	1.0000
544	招商基金管理有限公司	招商中证白酒指数分级证券投资基金	A类	份	1.0000
545	招商基金管理有限公司	招商中证白酒指数分级证券投资基金	A类	份	1.0000
546	招商基金管理有限公司	招商中证白酒指数分级证券投资基金	A类	份	1.0000
547	招商基金管理有限公司	招商中证白酒指数分级证券投资基金	A类	份	1.0000
548	招商基金管理有限公司	招商中证白酒指数分级证券投资基金	A类	份	1.0000
549	招商基金管理有限公司	招商中证白酒指数分级证券投资基金	A类	份	1.0000
550	招商基金管理有限公司	招商中证白酒指数分级证券投资基金	A类	份	1.0000
551	招商基金管理有限公司	招商中证白酒指数分级证券投资基金	A类	份	1.0000
552	招商基金管理有限公司	招商中证白酒指数分级证券投资基金	A类	份	1.0000
553	招商基金管理有限公司	招商中证白酒指数分级证券投资基金	A类	份	1.0000
554	招商基金管理有限公司	招商中证白酒指数分级证券投资基金	A类	份	1.0000
555	招商基金管理有限公司	招商中证白酒指数分级证券投资基金	A类	份	1.0000
556	招商基金管理有限公司	招商中证白酒指数分级证券投资基金	A类	份	1.0000
557	招商基金管理有限公司	招商中证白酒指数分级证券投资基金	A类	份	1.0000
558	招商基金管理有限公司	招商中证白酒指数分级证券投资基金	A类	份	1.0000
559	招商基金管理有限公司	招商中证白酒指数分级证券投资基金	A类	份	1.0000
560	招商基金管理有限公司	招商中证白酒指数分级证券投资基金	A类	份	1.0000
561	招商基金管理有限公司	招商中证白酒指数分级证券投资基金	A类	份	1.0000
562	招商基金管理有限公司	招商中证白酒指数分级证券投资基金	A类	份	1.0000
563	招商基金管理有限公司	招商中证白酒指数分级证券投资基金	A类	份	1.0000
564	招商基金管理有限公司	招商中证白酒指数分级证券投资基金	A类	份	1.0000
565	招商基金管理有限公司	招商中证白酒指数分级证券投资基金	A类	份	1.0000
566	招商基金管理有限公司	招商中证白酒指数分级证券投资基金	A类	份	1.0000
567	招商基金管理有限公司	招商中证白酒指数分级证券投资基金	A类	份	1.0000
568	招商基金管理有限公司	招商中证白酒指数分级证券投资基金	A类	份	1.0000
569	招商基金管理有限公司	招商中证白酒指数分级证券投资基金	A类	份	1.0000
570	招商基金管理有限公司	招商中证白酒指数分级证券投资基金	A类	份	1.0000
571	招商基金管理有限公司	招商中证白酒指数分级证券投资基金	A类	份	1.0000
572	招商基金管理有限公司	招商中证白酒指数分级证券投资基金	A类	份	1.0000
573	招商基金管理有限公司	招商中证白酒指数分级证券投资基金	A类	份	1.0000
574	招商基金管理有限公司	招商中证白酒指数分级证券投资基金	A类	份	1.0000
575	招商基金管理有限公司	招商中证白酒指数分级证券投资基金	A类	份	1.0000
576	招商基金管理有限公司	招商中证白酒指数分级证券投资基金	A类	份	1.0000
577	招商基金管理有限公司	招商中证白酒指数分级证券投资基金	A类	份	1.0000
578	招商基金管理有限公司	招商中证白酒指数分级证券投资基金	A类	份	1.0000
579	招商基金管理有限公司	招商中证白酒指数分级证券投资基金	A类	份	1.0000
580	招商基金管理有限公司	招商中证白酒指数分级证券投资基金	A类	份	1.0000
581	招商基金管理有限公司	招商中证白酒指数分级证券投资基金	A类	份	1.0000
582	招商基金管理有限公司	招商中证白酒指数分级证券投资基金	A类	份	1.0000
583	招商基金管理有限公司	招商中证白酒指数分级证券投资基金	A类	份	1.0000
584	招商基金管理有限公司	招商中证白酒指数分级证券投资基金	A类	份	1.0000
585	招商基金管理有限公司	招商中证白酒指数分级证券投资基金	A类	份	1.0000
586	招商基金管理有限公司	招商中证白酒指数分级证券投资基金	A类	份	1.0000
587	招商基金管理有限公司	招商中证白酒指数分级证券投资基金	A类	份	1.0000
588	招商基金管理有限公司	招商中证白酒指数分级证券投资基金	A类	份	1.0000
589	招商基金管理有限公司	招商中证白酒指数分级证券投资基金	A类	份	1.0000
590	招商基金管理有限公司	招商中证白酒指数分级证券投资基金	A类	份	1.0000
591	招商基金管理有限公司	招商中证白酒指数分级证券投资基金	A类	份	1.0000
592	招商基金管理有限公司	招商中证白酒指数分级证券投资基金	A类	份	1.0000
593	招商基金管理有限公司	招商中证白酒指数分级证券投资基金	A类	份	1.0000
594	招商基金管理有限公司	招商中证白酒指数分级证券投资基金	A类	份	1.0000
595	招商基金管理有限公司	招商中证白酒指数分级证券投资基金	A类	份	1.0000
596	招商基金管理有限公司	招商中证白酒指数分级证券投资基金	A类	份	1.0000
597	招商基金管理有限公司	招商中证白酒指数分级证券投资基金	A类	份	1.0000
598	招商基金管理有限公司	招商中证白酒指数分级证券投资基金	A类	份	1.0000
599	招商基金管理有限公司	招商中证白酒指数分级证券投资基金	A类	份	1.0000
600	招商基金管理有限公司	招商中证白酒指数分级证券投资基金	A类	份	1.0000
601	招商基金管理有限公司	招商中证白酒指数分级证券投资基金	A类	份	1.0000
602	招商基金管理有限公司	招商中证白酒指数分级证券投资基金	A类	份	1.0000
603	招商基金管理有限公司	招商中证白酒指数分级证券投资基金	A类	份	1.0000
604	招商基金管理有限公司	招商中证白酒指数分级证券投资基金	A类	份	1.0000
605	招商基金管理有限公司	招商中证白酒指数分级证券投资基金	A类	份	1.0000
606	招商基金管理有限公司	招商中证白酒指数分级证券投资基金	A类	份	1.0000
607	招商基金管理有限公司	招商中证白酒指数分级证券投资基金	A类	份	1.0000
608	招商基金管理有限公司	招商中证白酒指数分级证券投资基金	A类	份	1.0000
609	招商基金管理有限公司	招商中证白酒指数分级证券投资基金	A类	份	1.0000
610	招商基金管理有限公司	招商中证白酒指数分级证券投资基金	A类	份	1.0000
611	招商基金管理有限公司	招商中证白酒指数分级证券投资基金	A类	份	1.0000
612	招商基金管理有限公司	招商中证白酒指数分级证券投资基金	A类	份	1.0000
613	招商基金管理有限公司	招商中证白酒指数分级证券投资基金	A类	份	1.0000
614	招商基金管理有限公司	招商中证白酒指数分级证券投资基金	A类	份	1.0000
615	招商基金管理有限公司	招商中证白酒指数分级证券投资基金	A类	份	1.0000
616	招商基金管理有限公司	招商中证白酒指数分级证券投资基金	A类	份	1.0000
617	招商基金管理有限公司	招商中证白酒指数分级证券投资基金	A类	份	1.0000
618	招商基金管理有限公司	招商中证白酒指数分级证券投资基金	A类	份	1.0000
619	招商基金管理有限公司	招商中证白酒指数分级证券投资基金	A类	份	1.0000
620	招商基金管理有限公司	招商中证白酒指数分级证券投资基金	A类	份	1.0000
621	招商基金管理有限公司	招商中证白酒指数分级证券投资基金	A类	份	1.0000
622	招商基金管理有限公司	招商中证白酒指数分级证券投资基金	A类	份	1.0000
623	招商基金管理有限公司	招商中证白酒指数分级证券投资基金	A类	份	1.0000
624	招商基金管理有限公司	招商中证白酒指数分级证券投资基金	A类	份	1.0000
625	招商基金管理有限公司	招商中证白酒指数分级证券投资基金	A类	份	1.0000
626	招商基金管理有限公司	招商中证白酒指数分级证券投资基金	A类	份	1.0000
627	招商基金管理有限公司	招商中证白酒指数分级证券投资基金	A类	份	1.0000
628	招商基金管理有限公司	招商中证白酒指数分级证券投资基金	A类	份	1.0000
629	招商基金管理有限公司	招商中证白酒指数分级证券投资基金	A类	份	1.0000
630	招商基金管理有限公司	招商中证白酒指数分级证券投资基金	A类	份	1.0000
631	招商基金管理有限公司	招商中证白酒指数分级证券投资基金	A类	份	1.0000
632	招商基金管理有限公司	招商中证白酒指数分级证券投资基金	A类	份	1.0000
633	招商基金管理有限公司	招商中证白酒指数分级证券投资基金	A类	份	1.0000
634	招商基金管理有限公司	招商中证白酒指数分级证券投资基金	A类	份	1.0000
635	招商基金管理有限公司	招商中证白酒指数分级证券投资基金	A类	份	1.0000
636	招商基金管理有限公司	招商中证白酒指数分级证券投资基金	A类	份	1.0000
637	招商基金管理有限公司	招商中证白酒指数分级证券投资基金	A类	份	1.0000
638	招商基金管理有限公司	招商中证白酒指数分级证券投资基金	A类	份	1.0000
639	招商基金管理有限公司	招商中证白酒指数分级证券投资基金	A类	份	1.0000
640	招商基金管理有限公司	招商中证白酒指数分级证券投资基金	A类	份	1.0000
（下转A21版）
